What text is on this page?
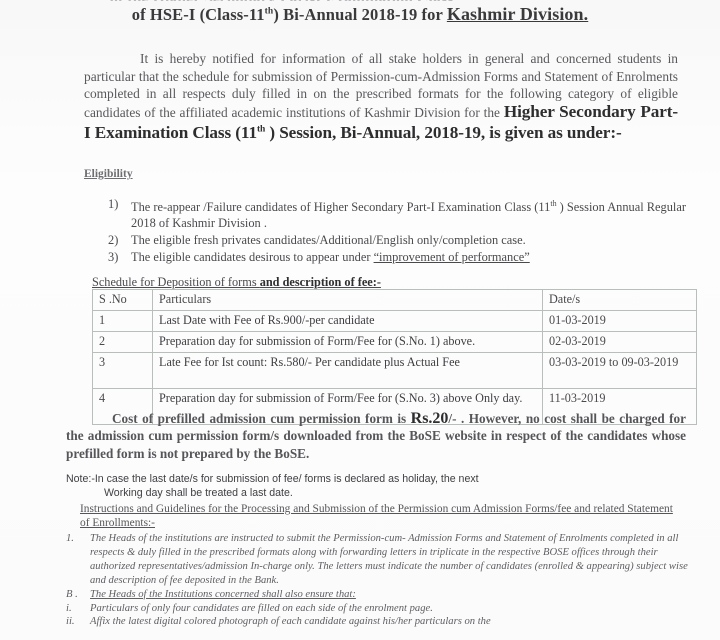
of HSE-I (Class-11th) Bi-Annual 2018-19 for Kashmir Division.
It is hereby notified for information of all stake holders in general and concerned students in particular that the schedule for submission of Permission-cum-Admission Forms and Statement of Enrolments completed in all respects duly filled in on the prescribed formats for the following category of eligible candidates of the affiliated academic institutions of Kashmir Division for the Higher Secondary Part-I Examination Class (11th ) Session, Bi-Annual, 2018-19, is given as under:-
Eligibility
1)	The re-appear /Failure candidates of Higher Secondary Part-I Examination Class (11th ) Session Annual Regular 2018 of Kashmir Division .
2)	The eligible fresh privates candidates/Additional/English only/completion case.
3)	The eligible candidates desirous to appear under “improvement of performance”
Schedule for Deposition of forms and description of fee:-
S .No	Particulars	Date/s
1	Last Date with Fee of Rs.900/-per candidate	01-03-2019
2	Preparation day for submission of Form/Fee for (S.No. 1) above.	02-03-2019
3	Late Fee for Ist count: Rs.580/- Per candidate plus Actual Fee	03-03-2019 to 09-03-2019
4	Preparation day for submission of Form/Fee for (S.No. 3) above Only day.	11-03-2019
Cost of prefilled admission cum permission form is Rs.20/- . However, no cost shall be charged for the admission cum permission form/s downloaded from the BoSE website in respect of the candidates whose prefilled form is not prepared by the BoSE.
Note:-In case the last date/s for submission of fee/ forms is declared as holiday, the next
Working day shall be treated a last date.
Instructions and Guidelines for the Processing and Submission of the Permission cum Admission Forms/fee and related Statement of Enrollments:-
1.	The Heads of the institutions are instructed to submit the Permission-cum- Admission Forms and Statement of Enrolments completed in all respects & duly filled in the prescribed formats along with forwarding letters in triplicate in the respective BOSE offices through their authorized representatives/admission In-charge only. The letters must indicate the number of candidates (enrolled & appearing) subject wise and description of fee deposited in the Bank.
B .	The Heads of the Institutions concerned shall also ensure that:
i.	Particulars of only four candidates are filled on each side of the enrolment page.
ii.	Affix the latest digital colored photograph of each candidate against his/her particulars on the
